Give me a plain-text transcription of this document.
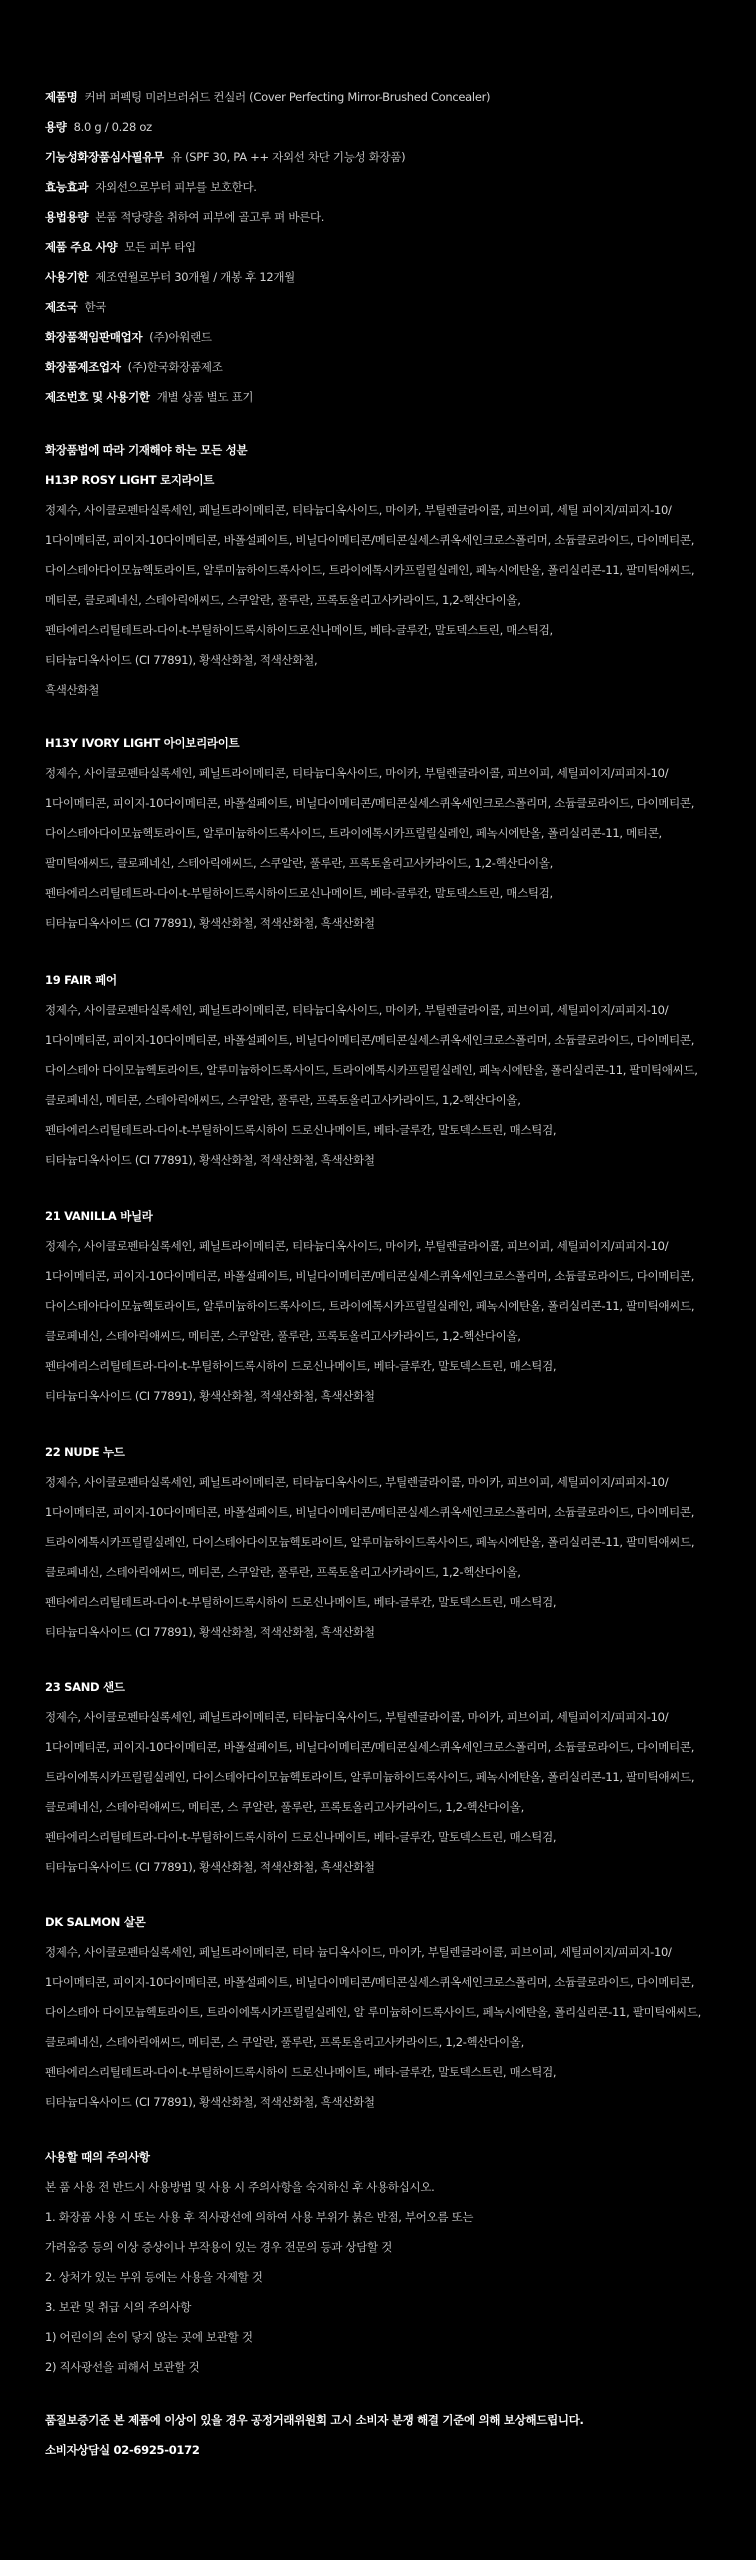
제품명 커버 퍼펙팅 미러브러쉬드 컨실러 (Cover Perfecting Mirror-Brushed Concealer)
용량 8.0 g / 0.28 oz
기능성화장품심사필유무 유 (SPF 30, PA ++ 자외선 차단 기능성 화장품)
효능효과 자외선으로부터 피부를 보호한다.
용법용량 본품 적당량을 취하여 피부에 골고루 펴 바른다.
제품 주요 사양 모든 피부 타입
사용기한 제조연월로부터 30개월 / 개봉 후 12개월
제조국 한국
화장품책임판매업자 (주)아워랜드
화장품제조업자 (주)한국화장품제조
제조번호 및 사용기한 개별 상품 별도 표기
화장품법에 따라 기재해야 하는 모든 성분
H13P ROSY LIGHT 로지라이트
정제수, 사이클로펜타실록세인, 페닐트라이메티콘, 티타늄디옥사이드, 마이카, 부틸렌글라이콜, 피브이피, 세틸 피이지/피피지-10/
1다이메티콘, 피이지-10다이메티콘, 바폴설페이트, 비닐다이메티콘/메티콘실세스퀴옥세인크로스폴리머, 소듐클로라이드, 다이메티콘,
다이스테아다이모늄헥토라이트, 알루미늄하이드록사이드, 트라이에톡시카프릴릴실레인, 페녹시에탄올, 폴리실리콘-11, 팔미틱애씨드,
메티콘, 클로페네신, 스테아릭애씨드, 스쿠알란, 풀루란, 프록토올리고사카라이드, 1,2-헥산다이올,
펜타에리스리틸테트라-다이-t-부틸하이드록시하이드로신나메이트, 베타-글루칸, 말토덱스트린, 매스틱검,
티타늄디옥사이드 (CI 77891), 황색산화철, 적색산화철,
흑색산화철
H13Y IVORY LIGHT 아이보리라이트
정제수, 사이클로펜타실록세인, 페닐트라이메티콘, 티타늄디옥사이드, 마이카, 부틸렌글라이콜, 피브이피, 세틸피이지/피피지-10/
1다이메티콘, 피이지-10다이메티콘, 바폴설페이트, 비닐다이메티콘/메티콘실세스퀴옥세인크로스폴리머, 소듐클로라이드, 다이메티콘,
다이스테아다이모늄헥토라이트, 알루미늄하이드록사이드, 트라이에톡시카프릴릴실레인, 페녹시에탄올, 폴리실리콘-11, 메티콘,
팔미틱애씨드, 클로페네신, 스테아릭애씨드, 스쿠알란, 풀루란, 프록토올리고사카라이드, 1,2-헥산다이올,
펜타에리스리틸테트라-다이-t-부틸하이드록시하이드로신나메이트, 베타-글루칸, 말토덱스트린, 매스틱검,
티타늄디옥사이드 (CI 77891), 황색산화철, 적색산화철, 흑색산화철
19 FAIR 페어
정제수, 사이클로펜타실록세인, 페닐트라이메티콘, 티타늄디옥사이드, 마이카, 부틸렌글라이콜, 피브이피, 세틸피이지/피피지-10/
1다이메티콘, 피이지-10다이메티콘, 바폴설페이트, 비닐다이메티콘/메티콘실세스퀴옥세인크로스폴리머, 소듐클로라이드, 다이메티콘,
다이스테아 다이모늄헥토라이트, 알루미늄하이드록사이드, 트라이에톡시카프릴릴실레인, 페녹시에탄올, 폴리실리콘-11, 팔미틱애씨드,
클로페네신, 메티콘, 스테아릭애씨드, 스쿠알란, 풀루란, 프록토올리고사카라이드, 1,2-헥산다이올,
펜타에리스리틸테트라-다이-t-부틸하이드록시하이 드로신나메이트, 베타-글루칸, 말토덱스트린, 매스틱검,
티타늄디옥사이드 (CI 77891), 황색산화철, 적색산화철, 흑색산화철
21 VANILLA 바닐라
정제수, 사이클로펜타실록세인, 페닐트라이메티콘, 티타늄디옥사이드, 마이카, 부틸렌글라이콜, 피브이피, 세틸피이지/피피지-10/
1다이메티콘, 피이지-10다이메티콘, 바폴설페이트, 비닐다이메티콘/메티콘실세스퀴옥세인크로스폴리머, 소듐클로라이드, 다이메티콘,
다이스테아다이모늄헥토라이트, 알루미늄하이드록사이드, 트라이에톡시카프릴릴실레인, 페녹시에탄올, 폴리실리콘-11, 팔미틱애씨드,
클로페네신, 스테아릭애씨드, 메티콘, 스쿠알란, 풀루란, 프록토올리고사카라이드, 1,2-헥산다이올,
펜타에리스리틸테트라-다이-t-부틸하이드록시하이 드로신나메이트, 베타-글루칸, 말토덱스트린, 매스틱검,
티타늄디옥사이드 (CI 77891), 황색산화철, 적색산화철, 흑색산화철
22 NUDE 누드
정제수, 사이클로펜타실록세인, 페닐트라이메티콘, 티타늄디옥사이드, 부틸렌글라이콜, 마이카, 피브이피, 세틸피이지/피피지-10/
1다이메티콘, 피이지-10다이메티콘, 바폴설페이트, 비닐다이메티콘/메티콘실세스퀴옥세인크로스폴리머, 소듐클로라이드, 다이메티콘,
트라이에톡시카프릴릴실레인, 다이스테아다이모늄헥토라이트, 알루미늄하이드록사이드, 페녹시에탄올, 폴리실리콘-11, 팔미틱애씨드,
클로페네신, 스테아릭애씨드, 메티콘, 스쿠알란, 풀루란, 프록토올리고사카라이드, 1,2-헥산다이올,
펜타에리스리틸테트라-다이-t-부틸하이드록시하이 드로신나메이트, 베타-글루칸, 말토덱스트린, 매스틱검,
티타늄디옥사이드 (CI 77891), 황색산화철, 적색산화철, 흑색산화철
23 SAND 샌드
정제수, 사이클로펜타실록세인, 페닐트라이메티콘, 티타늄디옥사이드, 부틸렌글라이콜, 마이카, 피브이피, 세틸피이지/피피지-10/
1다이메티콘, 피이지-10다이메티콘, 바폴설페이트, 비닐다이메티콘/메티콘실세스퀴옥세인크로스폴리머, 소듐클로라이드, 다이메티콘,
트라이에톡시카프릴릴실레인, 다이스테아다이모늄헥토라이트, 알루미늄하이드록사이드, 페녹시에탄올, 폴리실리콘-11, 팔미틱애씨드,
클로페네신, 스테아릭애씨드, 메티콘, 스 쿠알란, 풀루란, 프록토올리고사카라이드, 1,2-헥산다이올,
펜타에리스리틸테트라-다이-t-부틸하이드록시하이 드로신나메이트, 베타-글루칸, 말토덱스트린, 매스틱검,
티타늄디옥사이드 (CI 77891), 황색산화철, 적색산화철, 흑색산화철
DK SALMON 살몬
정제수, 사이클로펜타실록세인, 페닐트라이메티콘, 티타 늄디옥사이드, 마이카, 부틸렌글라이콜, 피브이피, 세틸피이지/피피지-10/
1다이메티콘, 피이지-10다이메티콘, 바폴설페이트, 비닐다이메티콘/메티콘실세스퀴옥세인크로스폴리머, 소듐클로라이드, 다이메티콘,
다이스테아 다이모늄헥토라이트, 트라이에톡시카프릴릴실레인, 알 루미늄하이드록사이드, 페녹시에탄올, 폴리실리콘-11, 팔미틱애씨드,
클로페네신, 스테아릭애씨드, 메티콘, 스 쿠알란, 풀루란, 프록토올리고사카라이드, 1,2-헥산다이올,
펜타에리스리틸테트라-다이-t-부틸하이드록시하이 드로신나메이트, 베타-글루칸, 말토덱스트린, 매스틱검,
티타늄디옥사이드 (CI 77891), 황색산화철, 적색산화철, 흑색산화철
사용할 때의 주의사항
본 품 사용 전 반드시 사용방법 및 사용 시 주의사항을 숙지하신 후 사용하십시오.
1. 화장품 사용 시 또는 사용 후 직사광선에 의하여 사용 부위가 붉은 반점, 부어오름 또는
가려움증 등의 이상 증상이나 부작용이 있는 경우 전문의 등과 상담할 것
2. 상처가 있는 부위 등에는 사용을 자제할 것
3. 보관 및 취급 시의 주의사항
1) 어린이의 손이 닿지 않는 곳에 보관할 것
2) 직사광선을 피해서 보관할 것
품질보증기준 본 제품에 이상이 있을 경우 공정거래위원회 고시 소비자 분쟁 해결 기준에 의해 보상해드립니다.
소비자상담실 02-6925-0172
